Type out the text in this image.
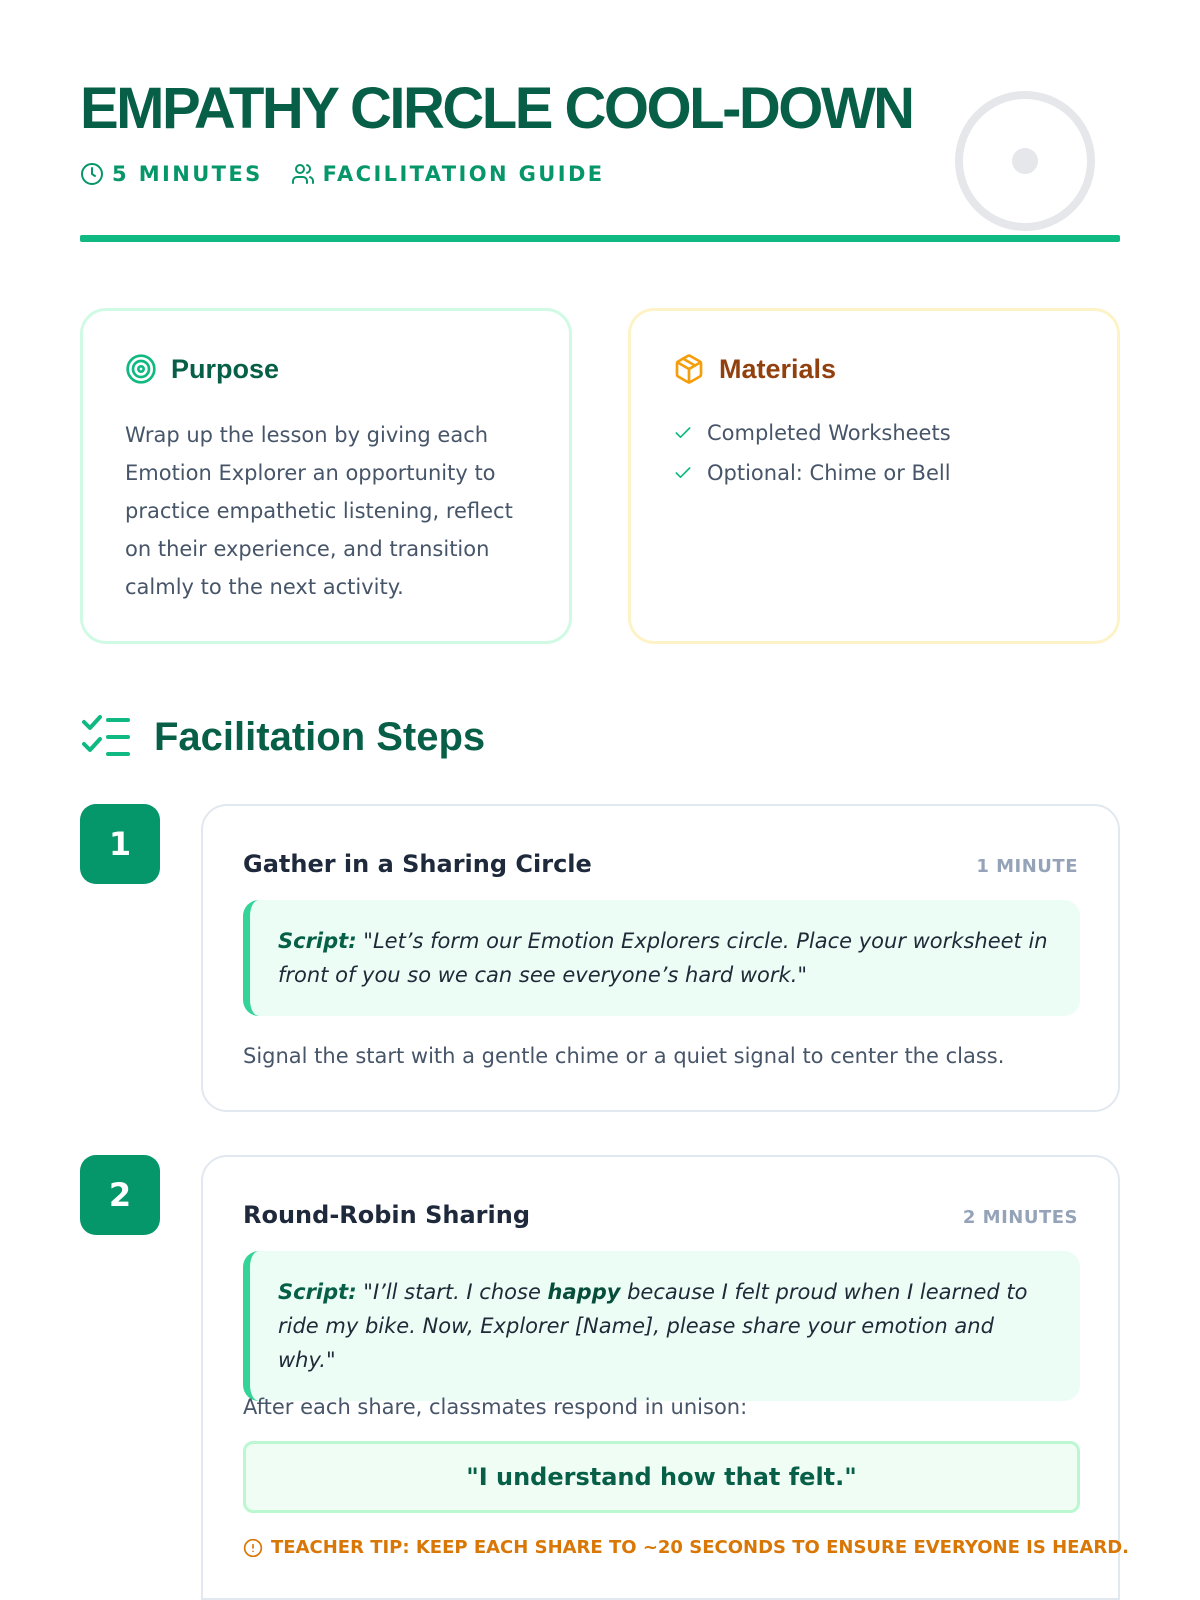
EMPATHY CIRCLE COOL-DOWN
5 MINUTES	FACILITATION GUIDE
Purpose

Wrap up the lesson by giving each Emotion Explorer an opportunity to practice empathetic listening, reflect on their experience, and transition calmly to the next activity.

Materials
Completed Worksheets
Optional: Chime or Bell
Facilitation Steps
1
Gather in a Sharing Circle	1 MINUTE
Script: "Let’s form our Emotion Explorers circle. Place your worksheet in front of you so we can see everyone’s hard work."
Signal the start with a gentle chime or a quiet signal to center the class.
2
Round-Robin Sharing	2 MINUTES
Script: "I’ll start. I chose happy because I felt proud when I learned to ride my bike. Now, Explorer [Name], please share your emotion and why."
After each share, classmates respond in unison:
"I understand how that felt."
TEACHER TIP: KEEP EACH SHARE TO ~20 SECONDS TO ENSURE EVERYONE IS HEARD.
